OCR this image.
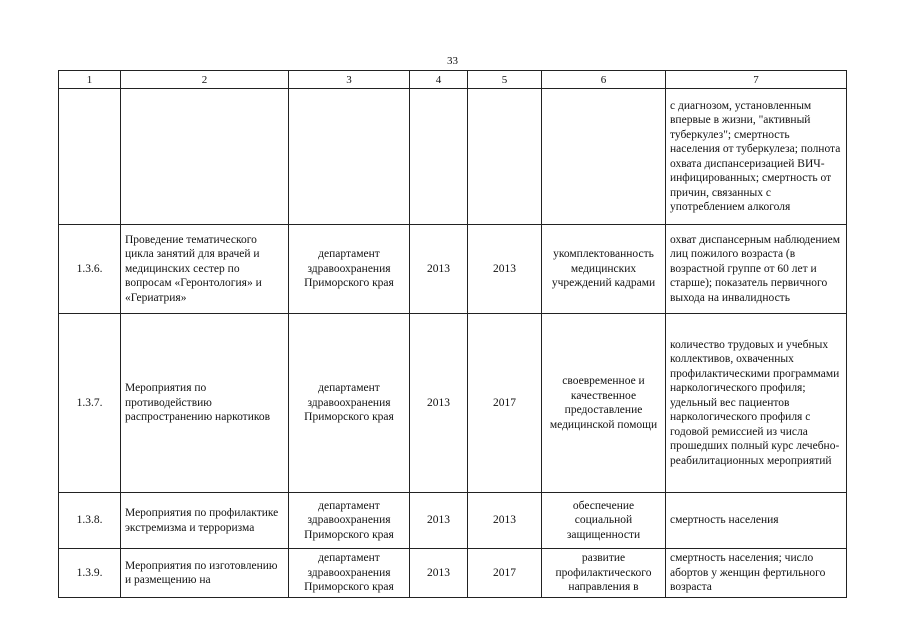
33
1	2	3	4	5	6	7
						с диагнозом, установленным впервые в жизни, "активный туберкулез"; смертность населения от туберкулеза; полнота охвата диспансеризацией ВИЧ-инфицированных; смертность от причин, связанных с употреблением алкоголя
1.3.6.	Проведение тематического цикла занятий для врачей и медицинских сестер по вопросам «Геронтология» и «Гериатрия»	департамент здравоохранения Приморского края	2013	2013	укомплектованность медицинских учреждений кадрами	охват диспансерным наблюдением лиц пожилого возраста (в возрастной группе от 60 лет и старше); показатель первичного выхода на инвалидность
1.3.7.	Мероприятия по противодействию распространению наркотиков	департамент здравоохранения Приморского края	2013	2017	своевременное и качественное предоставление медицинской помощи	количество трудовых и учебных коллективов, охваченных профилактическими программами наркологического профиля; удельный вес пациентов наркологического профиля с годовой ремиссией из числа прошедших полный курс лечебно-реабилитационных мероприятий
1.3.8.	Мероприятия по профилактике экстремизма и терроризма	департамент здравоохранения Приморского края	2013	2013	обеспечение социальной защищенности	смертность населения
1.3.9.	Мероприятия по изготовлению и размещению на	департамент здравоохранения Приморского края	2013	2017	развитие профилактического направления в	смертность населения; число абортов у женщин фертильного возраста
